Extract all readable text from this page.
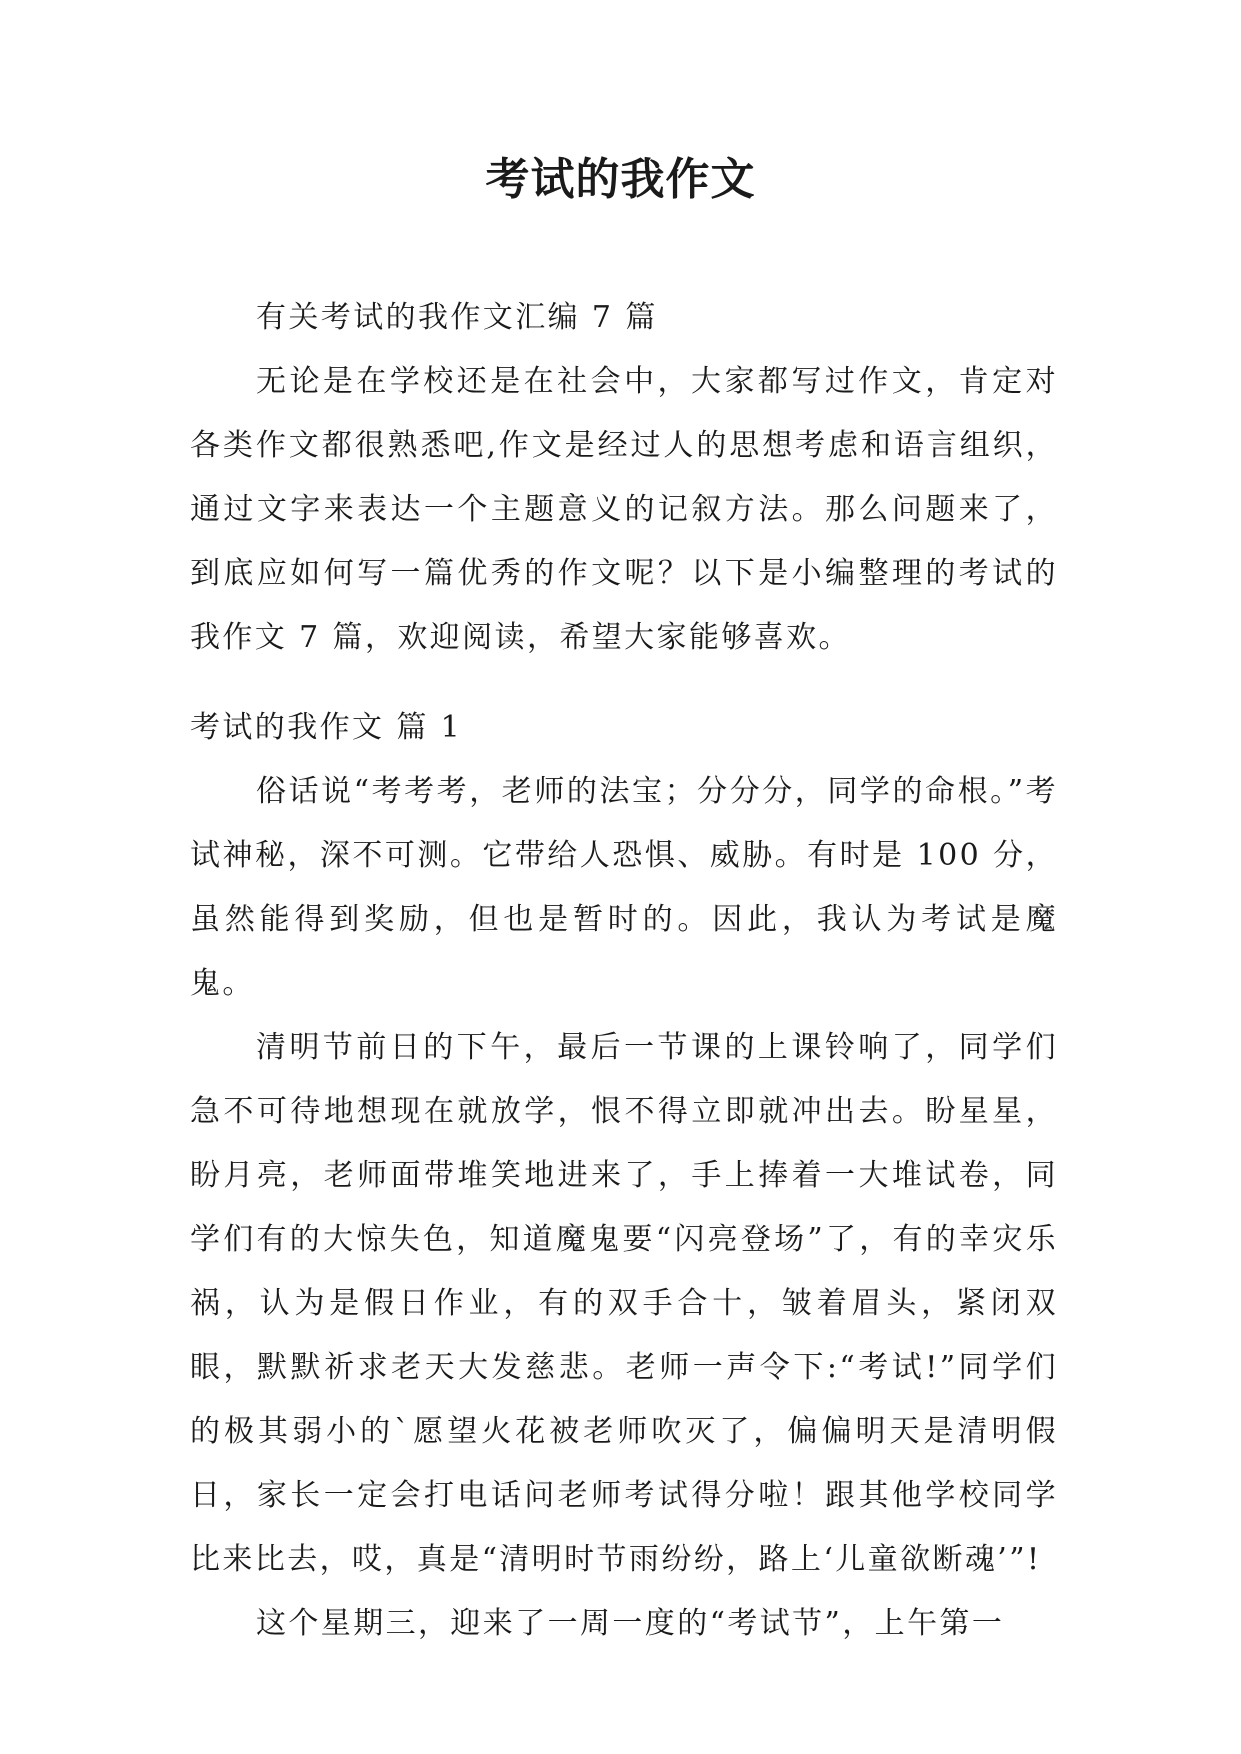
考试的我作文

有关考试的我作文汇编 7 篇

无论是在学校还是在社会中，大家都写过作文，肯定对各类作文都很熟悉吧,作文是经过人的思想考虑和语言组织，通过文字来表达一个主题意义的记叙方法。那么问题来了，到底应如何写一篇优秀的作文呢？以下是小编整理的考试的我作文 7 篇，欢迎阅读，希望大家能够喜欢。

考试的我作文 篇 1

俗话说“考考考，老师的法宝；分分分，同学的命根。”考试神秘，深不可测。它带给人恐惧、威胁。有时是 100 分，虽然能得到奖励，但也是暂时的。因此，我认为考试是魔鬼。

清明节前日的下午，最后一节课的上课铃响了，同学们急不可待地想现在就放学，恨不得立即就冲出去。盼星星，盼月亮，老师面带堆笑地进来了，手上捧着一大堆试卷，同学们有的大惊失色，知道魔鬼要“闪亮登场”了，有的幸灾乐祸，认为是假日作业，有的双手合十，皱着眉头，紧闭双眼，默默祈求老天大发慈悲。老师一声令下:“考试!”同学们的极其弱小的`愿望火花被老师吹灭了，偏偏明天是清明假日，家长一定会打电话问老师考试得分啦！跟其他学校同学比来比去，哎，真是“清明时节雨纷纷，路上‘儿童欲断魂’”!

这个星期三，迎来了一周一度的“考试节”，上午第一
